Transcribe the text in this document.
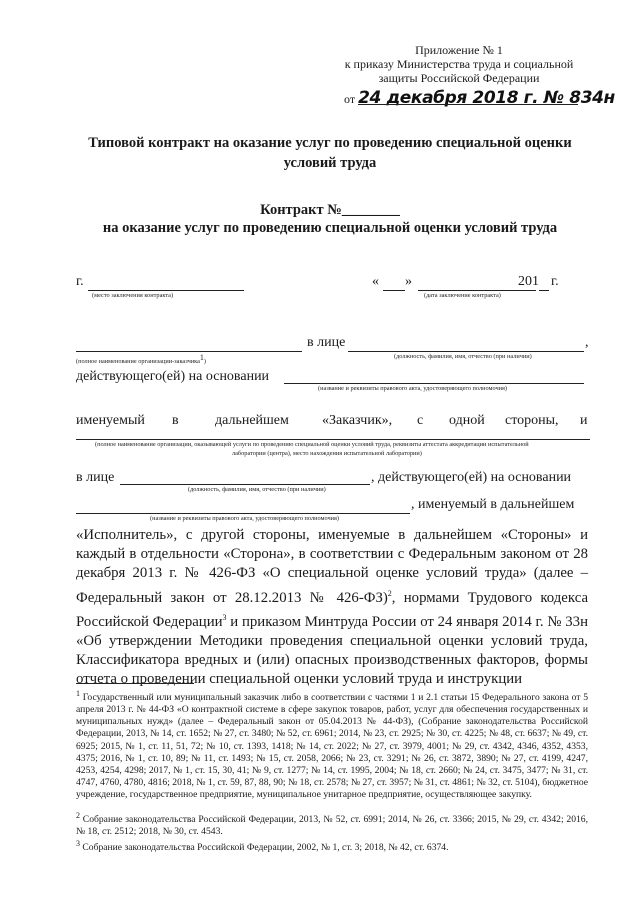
Приложение № 1
к приказу Министерства труда и социальной защиты Российской Федерации
от 24 декабря 2018 г. № 834н
Типовой контракт на оказание услуг по проведению специальной оценки
условий труда
Контракт №________
на оказание услуг по проведению специальной оценки условий труда
г.
(место заключения контракта)
« »	201 г.
(дата заключение контракта)
в лице	,
(полное наименование организации-заказчика$^1$)
(должность, фамилия, имя, отчество (при наличии)
действующего(ей) на основании
(название и реквизиты правового акта, удостоверяющего полномочия)
именуемый в	дальнейшем «Заказчик», с одной стороны, и
(полное наименование организации, оказывающей услуги по проведению специальной оценки условий труда, реквизиты аттестата аккредитации испытательной
лаборатории (центра), место нахождения испытательной лаборатории)
в лице	, действующего(ей) на основании
(должность, фамилия, имя, отчество (при наличии)
, именуемый в дальнейшем
(название и реквизиты правового акта, удостоверяющего полномочия)
«Исполнитель», с другой стороны, именуемые в дальнейшем «Стороны» и каждый в отдельности «Сторона», в соответствии с Федеральным законом от 28 декабря 2013 г. № 426-ФЗ «О специальной оценке условий труда» (далее – Федеральный закон от 28.12.2013 № 426-ФЗ)$^2$, нормами Трудового кодекса Российской Федерации$^3$ и приказом Минтруда России от 24 января 2014 г. № 33н «Об утверждении Методики проведения специальной оценки условий труда, Классификатора вредных и (или) опасных производственных факторов, формы отчета о проведении специальной оценки условий труда и инструкции
$^1$ Государственный или муниципальный заказчик либо в соответствии с частями 1 и 2.1 статьи 15 Федерального закона от 5 апреля 2013 г. № 44-ФЗ «О контрактной системе в сфере закупок товаров, работ, услуг для обеспечения государственных и муниципальных нужд» (далее – Федеральный закон от 05.04.2013 № 44-ФЗ), (Собрание законодательства Российской Федерации, 2013, № 14, ст. 1652; № 27, ст. 3480; № 52, ст. 6961; 2014, № 23, ст. 2925; № 30, ст. 4225; № 48, ст. 6637; № 49, ст. 6925; 2015, № 1, ст. 11, 51, 72; № 10, ст. 1393, 1418; № 14, ст. 2022; № 27, ст. 3979, 4001; № 29, ст. 4342, 4346, 4352, 4353, 4375; 2016, № 1, ст. 10, 89; № 11, ст. 1493; № 15, ст. 2058, 2066; № 23, ст. 3291; № 26, ст. 3872, 3890; № 27, ст. 4199, 4247, 4253, 4254, 4298; 2017, № 1, ст. 15, 30, 41; № 9, ст. 1277; № 14, ст. 1995, 2004; № 18, ст. 2660; № 24, ст. 3475, 3477; № 31, ст. 4747, 4760, 4780, 4816; 2018, № 1, ст. 59, 87, 88, 90; № 18, ст. 2578; № 27, ст. 3957; № 31, ст. 4861; № 32, ст. 5104), бюджетное учреждение, государственное предприятие, муниципальное унитарное предприятие, осуществляющее закупку.
$^2$ Собрание законодательства Российской Федерации, 2013, № 52, ст. 6991; 2014, № 26, ст. 3366; 2015, № 29, ст. 4342; 2016, № 18, ст. 2512; 2018, № 30, ст. 4543.
$^3$ Собрание законодательства Российской Федерации, 2002, № 1, ст. 3; 2018, № 42, ст. 6374.
